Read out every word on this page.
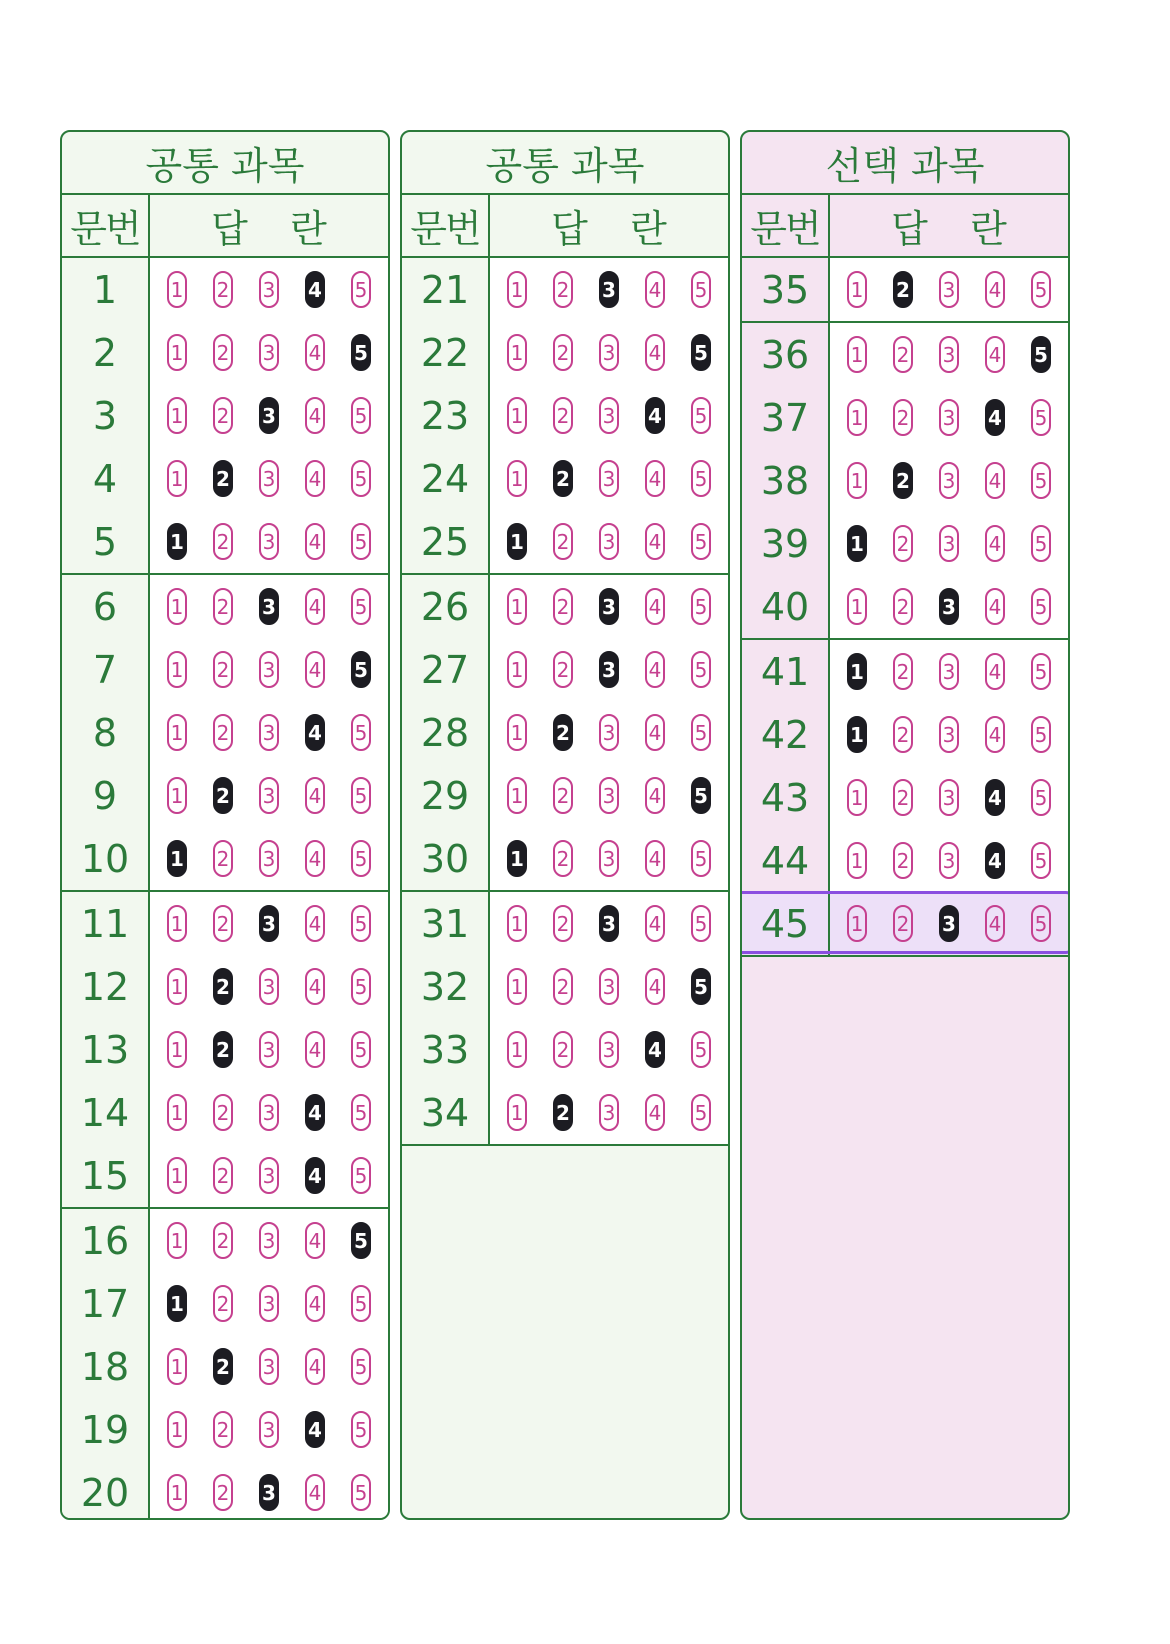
공통 과목
문번 답 란
1	1 2 3 4 5
2	1 2 3 4 5
3	1 2 3 4 5
4	1 2 3 4 5
5	1 2 3 4 5
6	1 2 3 4 5
7	1 2 3 4 5
8	1 2 3 4 5
9	1 2 3 4 5
10	1 2 3 4 5
11	1 2 3 4 5
12	1 2 3 4 5
13	1 2 3 4 5
14	1 2 3 4 5
15	1 2 3 4 5
16	1 2 3 4 5
17	1 2 3 4 5
18	1 2 3 4 5
19	1 2 3 4 5
20	1 2 3 4 5
공통 과목
문번 답 란
21	1 2 3 4 5
22	1 2 3 4 5
23	1 2 3 4 5
24	1 2 3 4 5
25	1 2 3 4 5
26	1 2 3 4 5
27	1 2 3 4 5
28	1 2 3 4 5
29	1 2 3 4 5
30	1 2 3 4 5
31	1 2 3 4 5
32	1 2 3 4 5
33	1 2 3 4 5
34	1 2 3 4 5
선택 과목
문번 답 란
35	1 2 3 4 5
36	1 2 3 4 5
37	1 2 3 4 5
38	1 2 3 4 5
39	1 2 3 4 5
40	1 2 3 4 5
41	1 2 3 4 5
42	1 2 3 4 5
43	1 2 3 4 5
44	1 2 3 4 5
45	1 2 3 4 5
